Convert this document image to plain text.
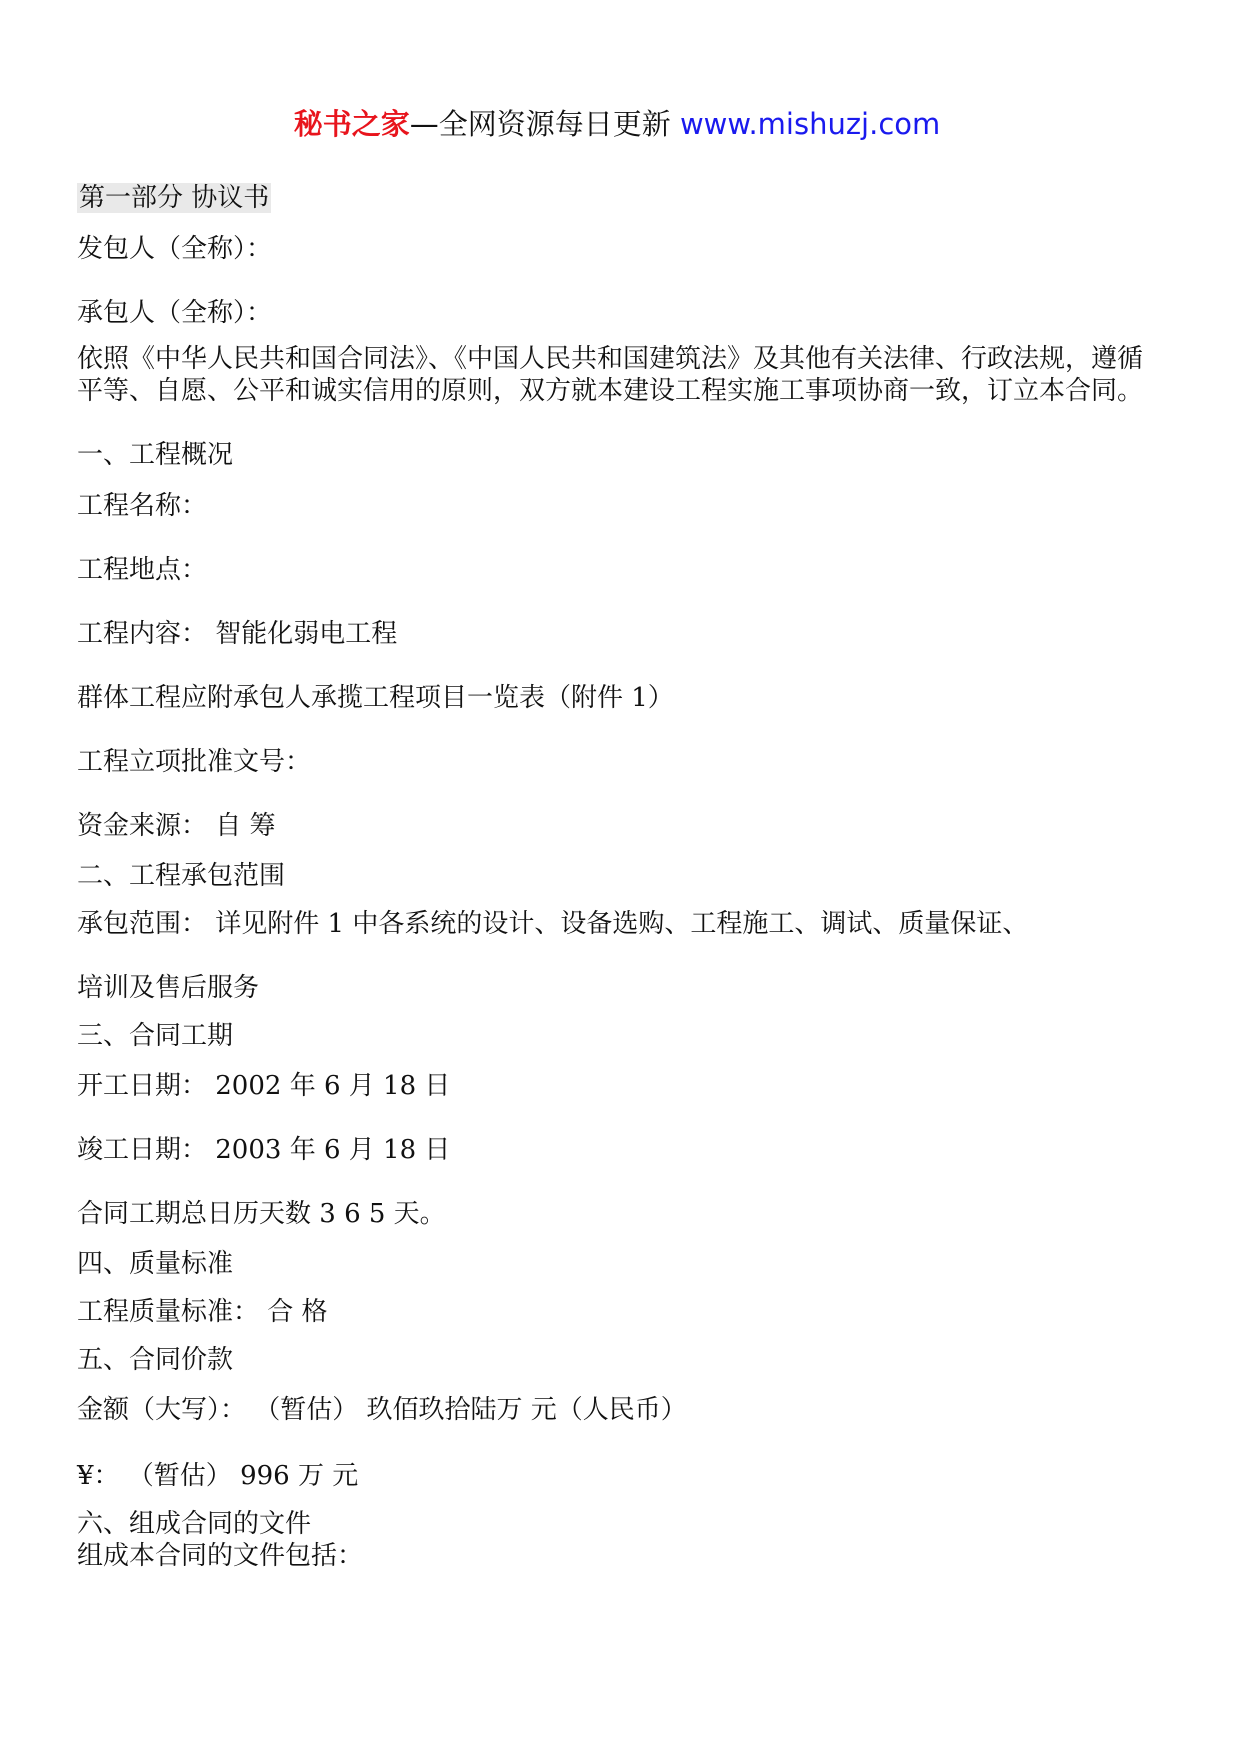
秘书之家—全网资源每日更新 www.mishuzj.com
第一部分 协议书
发包人（全称）：
承包人（全称）：
依照《中华人民共和国合同法》、《中国人民共和国建筑法》及其他有关法律、行政法规，遵循平等、自愿、公平和诚实信用的原则，双方就本建设工程实施工事项协商一致，订立本合同。
一、工程概况
工程名称：
工程地点：
工程内容： 智能化弱电工程
群体工程应附承包人承揽工程项目一览表（附件 1）
工程立项批准文号：
资金来源： 自 筹
二、工程承包范围
承包范围： 详见附件 1 中各系统的设计、设备选购、工程施工、调试、质量保证、
培训及售后服务
三、合同工期
开工日期： 2002 年 6 月 18 日
竣工日期： 2003 年 6 月 18 日
合同工期总日历天数 3 6 5 天。
四、质量标准
工程质量标准： 合 格
五、合同价款
金额（大写）： （暂估） 玖佰玖拾陆万 元（人民币）
¥： （暂估） 996 万 元
六、组成合同的文件
组成本合同的文件包括：
